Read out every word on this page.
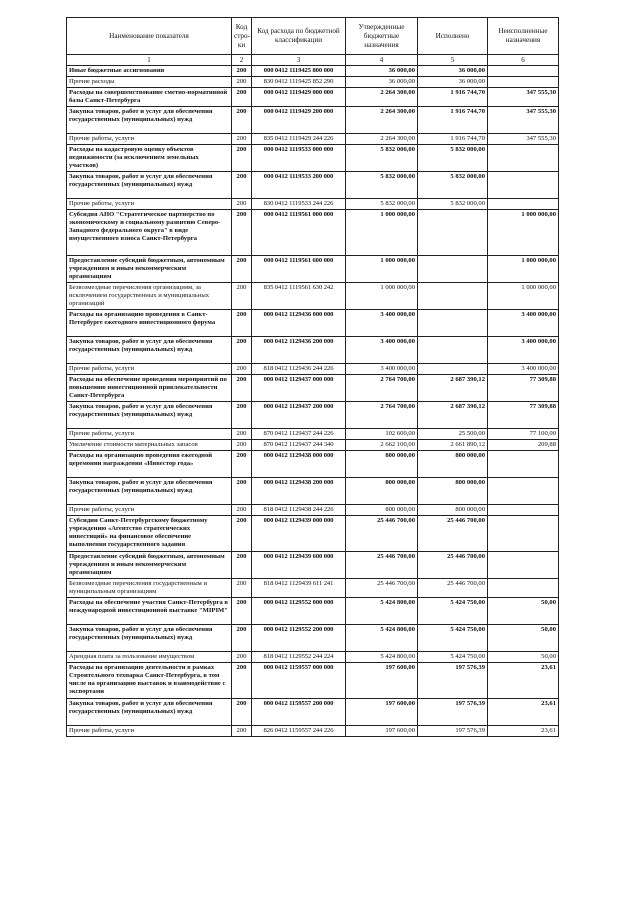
Наименование показателя	Код стро-ки	Код расхода по бюджетной классификации	Утвержденные бюджетные назначения	Исполнено	Неисполненные назначения
1	2	3	4	5	6
Иные бюджетные ассигнования	200	000 0412 1119425 800 000	36 000,00	36 000,00	
Прочие расходы	200	830 0412 1119425 852 290	36 000,00	36 000,00	
Расходы на совершенствование сметно-нормативной базы Санкт-Петербурга	200	000 0412 1119429 000 000	2 264 300,00	1 916 744,70	347 555,30
Закупка товаров, работ и услуг для обеспечения государственных (муниципальных) нужд	200	000 0412 1119429 200 000	2 264 300,00	1 916 744,70	347 555,30
Прочие работы, услуги	200	835 0412 1119429 244 226	2 264 300,00	1 916 744,70	347 555,30
Расходы на кадастровую оценку объектов недвижимости (за исключением земельных участков)	200	000 0412 1119533 000 000	5 832 000,00	5 832 000,00	
Закупка товаров, работ и услуг для обеспечения государственных (муниципальных) нужд	200	000 0412 1119533 200 000	5 832 000,00	5 832 000,00	
Прочие работы, услуги	200	830 0412 1119533 244 226	5 832 000,00	5 832 000,00	
Субсидия АНО "Стратегическое партнерство по экономическому и социальному развитию Северо-Западного федерального округа" в виде имущественного взноса Санкт-Петербурга	200	000 0412 1119561 000 000	1 000 000,00		1 000 000,00
Предоставление субсидий бюджетным, автономным учреждениям и иным некоммерческим организациям	200	000 0412 1119561 600 000	1 000 000,00		1 000 000,00
Безвозмездные перечисления организациям, за исключением государственных и муниципальных организаций	200	835 0412 1119561 630 242	1 000 000,00		1 000 000,00
Расходы на организацию проведения в Санкт-Петербурге ежегодного инвестиционного форума	200	000 0412 1129436 000 000	3 400 000,00		3 400 000,00
Закупка товаров, работ и услуг для обеспечения государственных (муниципальных) нужд	200	000 0412 1129436 200 000	3 400 000,00		3 400 000,00
Прочие работы, услуги	200	818 0412 1129436 244 226	3 400 000,00		3 400 000,00
Расходы на обеспечение проведения мероприятий по повышению инвестиционной привлекательности Санкт-Петербурга	200	000 0412 1129437 000 000	2 764 700,00	2 687 390,12	77 309,88
Закупка товаров, работ и услуг для обеспечения государственных (муниципальных) нужд	200	000 0412 1129437 200 000	2 764 700,00	2 687 390,12	77 309,88
Прочие работы, услуги	200	870 0412 1129437 244 226	102 600,00	25 500,00	77 100,00
Увеличение стоимости материальных запасов	200	870 0412 1129437 244 340	2 662 100,00	2 661 890,12	209,88
Расходы на организацию проведения ежегодной церемонии награждения «Инвестор года»	200	000 0412 1129438 000 000	800 000,00	800 000,00	
Закупка товаров, работ и услуг для обеспечения государственных (муниципальных) нужд	200	000 0412 1129438 200 000	800 000,00	800 000,00	
Прочие работы, услуги	200	818 0412 1129438 244 226	800 000,00	800 000,00	
Субсидии Санкт-Петербургскому бюджетному учреждению «Агентство стратегических инвестиций» на финансовое обеспечение выполнения государственного задания	200	000 0412 1129439 000 000	25 446 700,00	25 446 700,00	
Предоставление субсидий бюджетным, автономным учреждениям и иным некоммерческим организациям	200	000 0412 1129439 600 000	25 446 700,00	25 446 700,00	
Безвозмездные перечисления государственным и муниципальным организациям	200	818 0412 1129439 611 241	25 446 700,00	25 446 700,00	
Расходы на обеспечение участия Санкт-Петербурга в международной инвестиционной выставке "MIPIM"	200	000 0412 1129552 000 000	5 424 800,00	5 424 750,00	50,00
Закупка товаров, работ и услуг для обеспечения государственных (муниципальных) нужд	200	000 0412 1129552 200 000	5 424 800,00	5 424 750,00	50,00
Арендная плата за пользование имуществом	200	818 0412 1129552 244 224	5 424 800,00	5 424 750,00	50,00
Расходы на организацию деятельности в рамках Строительного техпаркa Санкт-Петербурга, в том числе на организацию выставок и взаимодействие с экспортами	200	000 0412 1159557 000 000	197 600,00	197 576,39	23,61
Закупка товаров, работ и услуг для обеспечения государственных (муниципальных) нужд	200	000 0412 1159557 200 000	197 600,00	197 576,39	23,61
Прочие работы, услуги	200	826 0412 1159557 244 226	197 600,00	197 576,39	23,61
